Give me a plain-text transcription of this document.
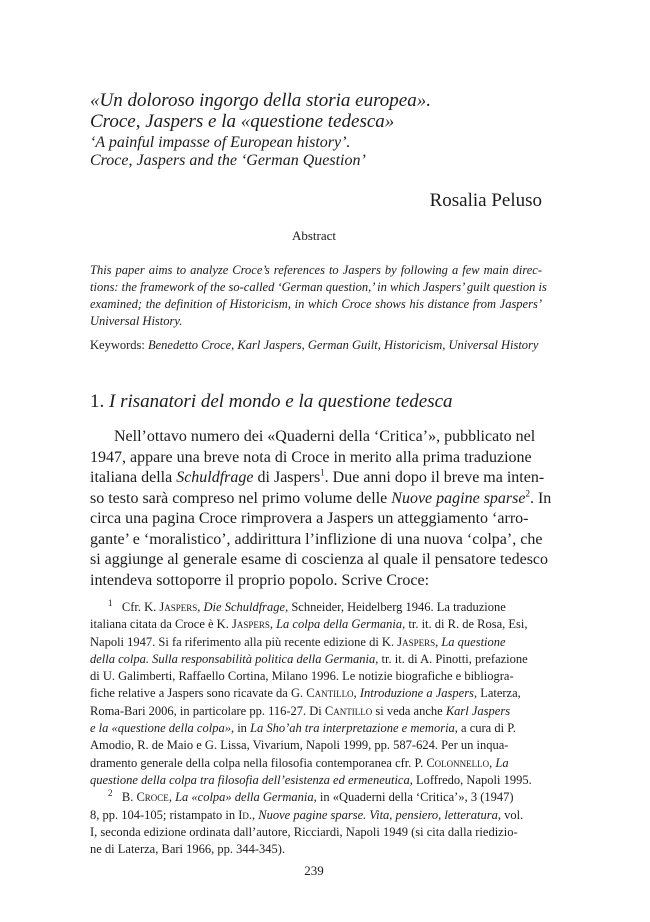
«Un doloroso ingorgo della storia europea».
Croce, Jaspers e la «questione tedesca»
‘A painful impasse of European history’.
Croce, Jaspers and the ‘German Question’
Rosalia Peluso
Abstract
This paper aims to analyze Croce’s references to Jaspers by following a few main direc-
tions: the framework of the so-called ‘German question,’ in which Jaspers’ guilt question is
examined; the definition of Historicism, in which Croce shows his distance from Jaspers’
Universal History.
Keywords: Benedetto Croce, Karl Jaspers, German Guilt, Historicism, Universal History
1. I risanatori del mondo e la questione tedesca
Nell’ottavo numero dei «Quaderni della ‘Critica’», pubblicato nel
1947, appare una breve nota di Croce in merito alla prima traduzione
italiana della Schuldfrage di Jaspers$^1$. Due anni dopo il breve ma inten-
so testo sarà compreso nel primo volume delle Nuove pagine sparse$^2$. In
circa una pagina Croce rimprovera a Jaspers un atteggiamento ‘arro-
gante’ e ‘moralistico’, addirittura l’inflizione di una nuova ‘colpa’, che
si aggiunge al generale esame di coscienza al quale il pensatore tedesco
intendeva sottoporre il proprio popolo. Scrive Croce:
$^1$ Cfr. K. Jaspers, Die Schuldfrage, Schneider, Heidelberg 1946. La traduzione
italiana citata da Croce è K. Jaspers, La colpa della Germania, tr. it. di R. de Rosa, Esi,
Napoli 1947. Si fa riferimento alla più recente edizione di K. Jaspers, La questione
della colpa. Sulla responsabilità politica della Germania, tr. it. di A. Pinotti, prefazione
di U. Galimberti, Raffaello Cortina, Milano 1996. Le notizie biografiche e bibliogra-
fiche relative a Jaspers sono ricavate da G. Cantillo, Introduzione a Jaspers, Laterza,
Roma-Bari 2006, in particolare pp. 116-27. Di Cantillo si veda anche Karl Jaspers
e la «questione della colpa», in La Sho’ah tra interpretazione e memoria, a cura di P.
Amodio, R. de Maio e G. Lissa, Vivarium, Napoli 1999, pp. 587-624. Per un inqua-
dramento generale della colpa nella filosofia contemporanea cfr. P. Colonnello, La
questione della colpa tra filosofia dell’esistenza ed ermeneutica, Loffredo, Napoli 1995.
$^2$ B. Croce, La «colpa» della Germania, in «Quaderni della ‘Critica’», 3 (1947)
8, pp. 104-105; ristampato in Id., Nuove pagine sparse. Vita, pensiero, letteratura, vol.
I, seconda edizione ordinata dall’autore, Ricciardi, Napoli 1949 (si cita dalla riedizio-
ne di Laterza, Bari 1966, pp. 344-345).
239
